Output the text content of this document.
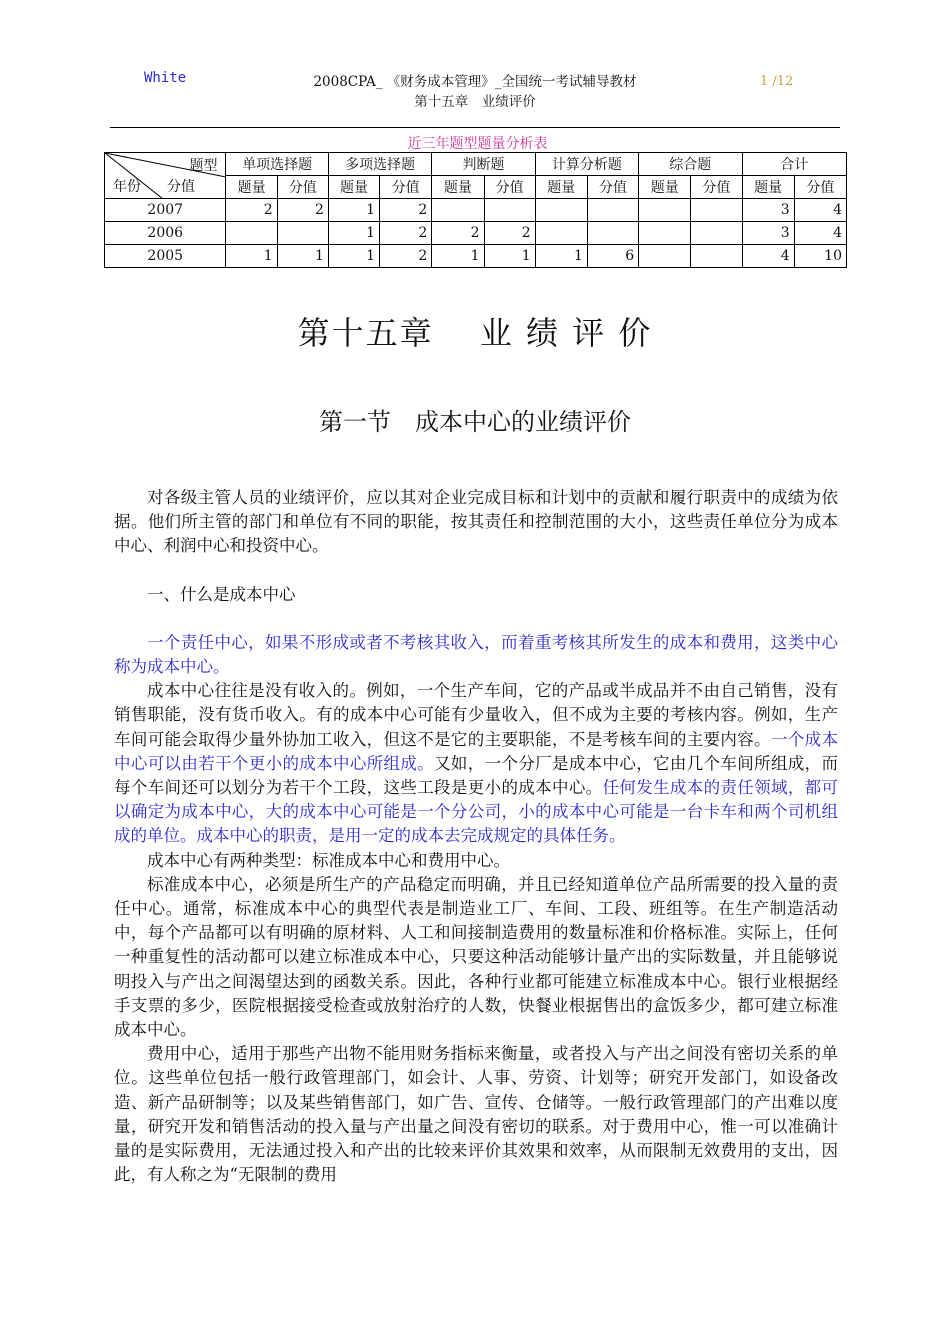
White	2008CPA_ 《财务成本管理》_全国统一考试辅导教材
第十五章　业绩评价
1 /12
近三年题型题量分析表
题型
年份 分值	单项选择题		多项选择题		判断题		计算分析题		综合题		合计	
	题量	分值	题量	分值	题量	分值	题量	分值	题量	分值	题量	分值
2007	2	2	1	2							3	4
2006			1	2	2	2					3	4
2005	1	1	1	2	1	1	1	6			4	10
第十五章　 业 绩 评 价
第一节　成本中心的业绩评价

对各级主管人员的业绩评价，应以其对企业完成目标和计划中的贡献和履行职责中的成绩为依据。他们所主管的部门和单位有不同的职能，按其责任和控制范围的大小，这些责任单位分为成本中心、利润中心和投资中心。

一、什么是成本中心

一个责任中心，如果不形成或者不考核其收入，而着重考核其所发生的成本和费用，这类中心称为成本中心。

成本中心往往是没有收入的。例如，一个生产车间，它的产品或半成品并不由自己销售，没有销售职能，没有货币收入。有的成本中心可能有少量收入，但不成为主要的考核内容。例如，生产车间可能会取得少量外协加工收入，但这不是它的主要职能，不是考核车间的主要内容。一个成本中心可以由若干个更小的成本中心所组成。又如，一个分厂是成本中心，它由几个车间所组成，而每个车间还可以划分为若干个工段，这些工段是更小的成本中心。任何发生成本的责任领域，都可以确定为成本中心，大的成本中心可能是一个分公司，小的成本中心可能是一台卡车和两个司机组成的单位。成本中心的职责，是用一定的成本去完成规定的具体任务。

成本中心有两种类型：标准成本中心和费用中心。

标准成本中心，必须是所生产的产品稳定而明确，并且已经知道单位产品所需要的投入量的责任中心。通常，标准成本中心的典型代表是制造业工厂、车间、工段、班组等。在生产制造活动中，每个产品都可以有明确的原材料、人工和间接制造费用的数量标准和价格标准。实际上，任何一种重复性的活动都可以建立标准成本中心，只要这种活动能够计量产出的实际数量，并且能够说明投入与产出之间渴望达到的函数关系。因此，各种行业都可能建立标准成本中心。银行业根据经手支票的多少，医院根据接受检查或放射治疗的人数，快餐业根据售出的盒饭多少，都可建立标准成本中心。

费用中心，适用于那些产出物不能用财务指标来衡量，或者投入与产出之间没有密切关系的单位。这些单位包括一般行政管理部门，如会计、人事、劳资、计划等；研究开发部门，如设备改造、新产品研制等；以及某些销售部门，如广告、宣传、仓储等。一般行政管理部门的产出难以度量，研究开发和销售活动的投入量与产出量之间没有密切的联系。对于费用中心，惟一可以准确计量的是实际费用，无法通过投入和产出的比较来评价其效果和效率，从而限制无效费用的支出，因此，有人称之为“无限制的费用
